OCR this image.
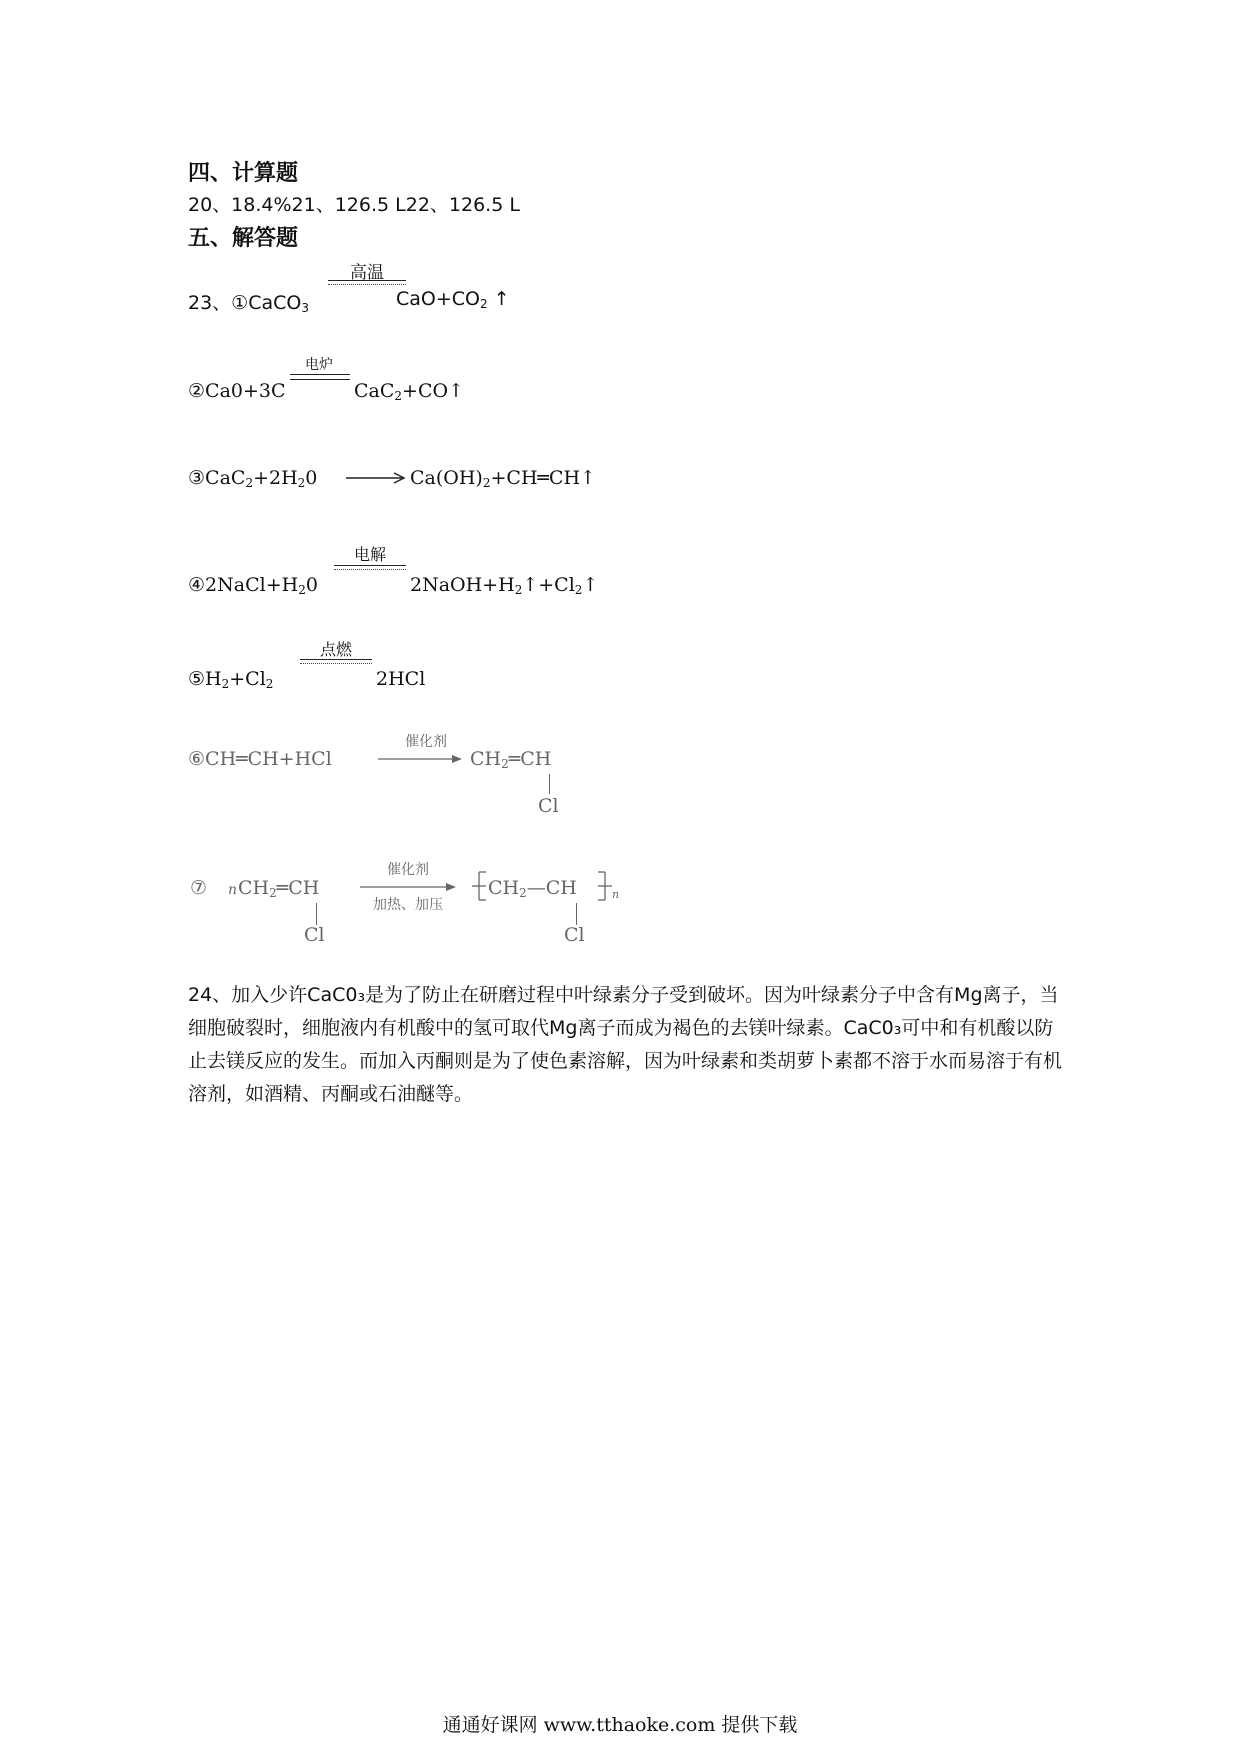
四、计算题
20、18.4%21、126.5 L22、126.5 L
五、解答题
23、①CaCO$_3$
高温
$CaO+CO_2$ ↑
②Ca0+3C
电炉
CaC$_2$+CO↑
$③CaC_2+2H_20$	$Ca(OH)_2+CH═CH↑$
$④2NaCl+H_20$
电解
$2NaOH+H_2↑+Cl_2↑$
$⑤H_2+Cl_2$
点燃
2HCl
⑥CH═CH+HCl
催化剂
$CH_2═CH$
Cl
⑦ n $CH_2═CH$
Cl
催化剂
加热、加压
$CH_2—CH$	n
Cl
24、加入少许CaC0₃是为了防止在研磨过程中叶绿素分子受到破坏。因为叶绿素分子中含有Mg离子，当细胞破裂时，细胞液内有机酸中的氢可取代Mg离子而成为褐色的去镁叶绿素。CaC0₃可中和有机酸以防止去镁反应的发生。而加入丙酮则是为了使色素溶解，因为叶绿素和类胡萝卜素都不溶于水而易溶于有机溶剂，如酒精、丙酮或石油醚等。
通通好课网 www.tthaoke.com 提供下载
